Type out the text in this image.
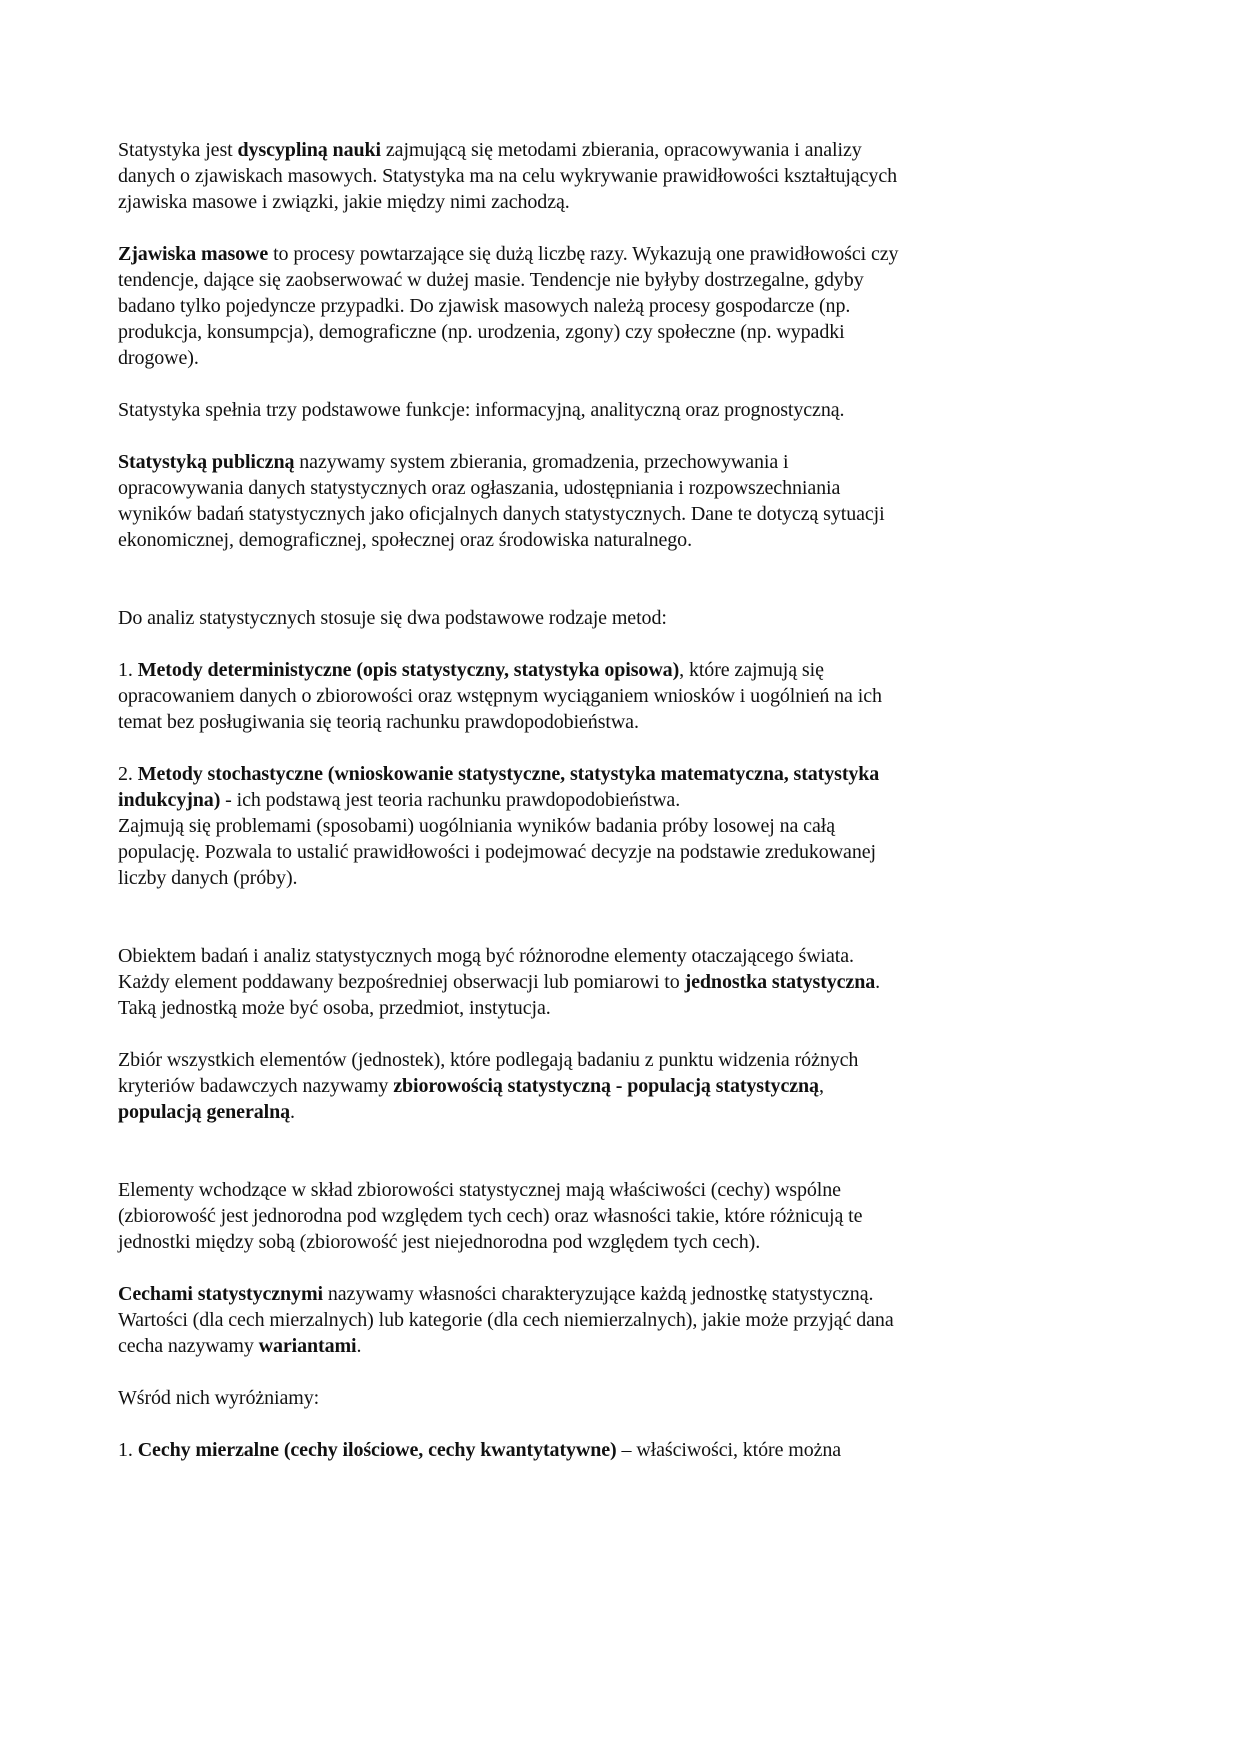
Statystyka jest dyscypliną nauki zajmującą się metodami zbierania, opracowywania i analizy

danych o zjawiskach masowych. Statystyka ma na celu wykrywanie prawidłowości kształtujących

zjawiska masowe i związki, jakie między nimi zachodzą.

Zjawiska masowe to procesy powtarzające się dużą liczbę razy. Wykazują one prawidłowości czy

tendencje, dające się zaobserwować w dużej masie. Tendencje nie byłyby dostrzegalne, gdyby

badano tylko pojedyncze przypadki. Do zjawisk masowych należą procesy gospodarcze (np.

produkcja, konsumpcja), demograficzne (np. urodzenia, zgony) czy społeczne (np. wypadki

drogowe).

Statystyka spełnia trzy podstawowe funkcje: informacyjną, analityczną oraz prognostyczną.

Statystyką publiczną nazywamy system zbierania, gromadzenia, przechowywania i

opracowywania danych statystycznych oraz ogłaszania, udostępniania i rozpowszechniania

wyników badań statystycznych jako oficjalnych danych statystycznych. Dane te dotyczą sytuacji

ekonomicznej, demograficznej, społecznej oraz środowiska naturalnego.

Do analiz statystycznych stosuje się dwa podstawowe rodzaje metod:

1. Metody deterministyczne (opis statystyczny, statystyka opisowa), które zajmują się

opracowaniem danych o zbiorowości oraz wstępnym wyciąganiem wniosków i uogólnień na ich

temat bez posługiwania się teorią rachunku prawdopodobieństwa.

2. Metody stochastyczne (wnioskowanie statystyczne, statystyka matematyczna, statystyka

indukcyjna) - ich podstawą jest teoria rachunku prawdopodobieństwa.

Zajmują się problemami (sposobami) uogólniania wyników badania próby losowej na całą

populację. Pozwala to ustalić prawidłowości i podejmować decyzje na podstawie zredukowanej

liczby danych (próby).

Obiektem badań i analiz statystycznych mogą być różnorodne elementy otaczającego świata.

Każdy element poddawany bezpośredniej obserwacji lub pomiarowi to jednostka statystyczna.

Taką jednostką może być osoba, przedmiot, instytucja.

Zbiór wszystkich elementów (jednostek), które podlegają badaniu z punktu widzenia różnych

kryteriów badawczych nazywamy zbiorowością statystyczną - populacją statystyczną,

populacją generalną.

Elementy wchodzące w skład zbiorowości statystycznej mają właściwości (cechy) wspólne

(zbiorowość jest jednorodna pod względem tych cech) oraz własności takie, które różnicują te

jednostki między sobą (zbiorowość jest niejednorodna pod względem tych cech).

Cechami statystycznymi nazywamy własności charakteryzujące każdą jednostkę statystyczną.

Wartości (dla cech mierzalnych) lub kategorie (dla cech niemierzalnych), jakie może przyjąć dana

cecha nazywamy wariantami.

Wśród nich wyróżniamy:

1. Cechy mierzalne (cechy ilościowe, cechy kwantytatywne) – właściwości, które można
